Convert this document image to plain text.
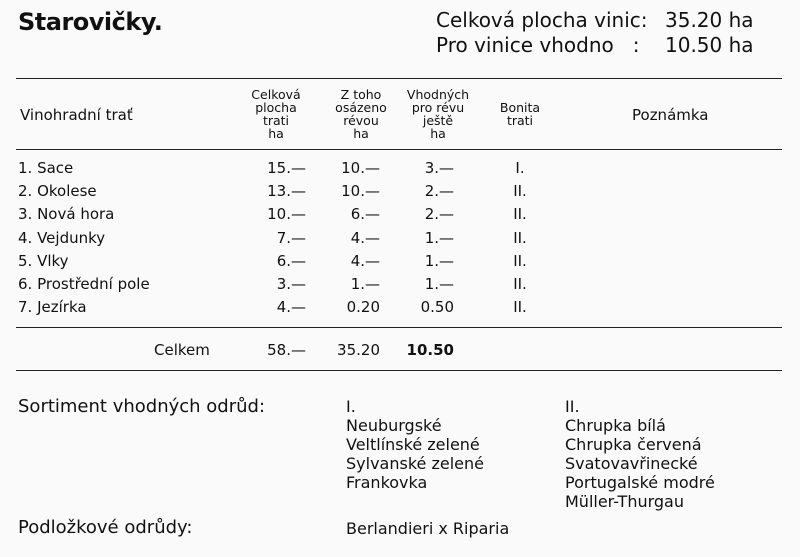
Starovičky.	Celková plocha vinic: 35.20 ha
Pro vinice vhodno   :	10.50 ha
Vinohradní trať
Celková
plocha
trati
ha
Z toho
osázeno
révou
ha
Vhodných
pro révu
ještě
ha
Bonita
trati	Poznámka
1. Sace	15.—	10.—	3.—	I.
2. Okolese	13.—	10.—	2.—	II.
3. Nová hora	10.—	6.—	2.—	II.
4. Vejdunky	7.—	4.—	1.—	II.
5. Vlky	6.—	4.—	1.—	II.
6. Prostřední pole	3.—	1.—	1.—	II.
7. Jezírka	4.—	0.20	0.50	II.
Celkem	58.—	35.20	10.50
Sortiment vhodných odrůd:	I.
Neuburgské
Veltlínské zelené
Sylvanské zelené
Frankovka
II.
Chrupka bílá
Chrupka červená
Svatovavřinecké
Portugalské modré
Müller-Thurgau
Podložkové odrůdy:	Berlandieri x Riparia
